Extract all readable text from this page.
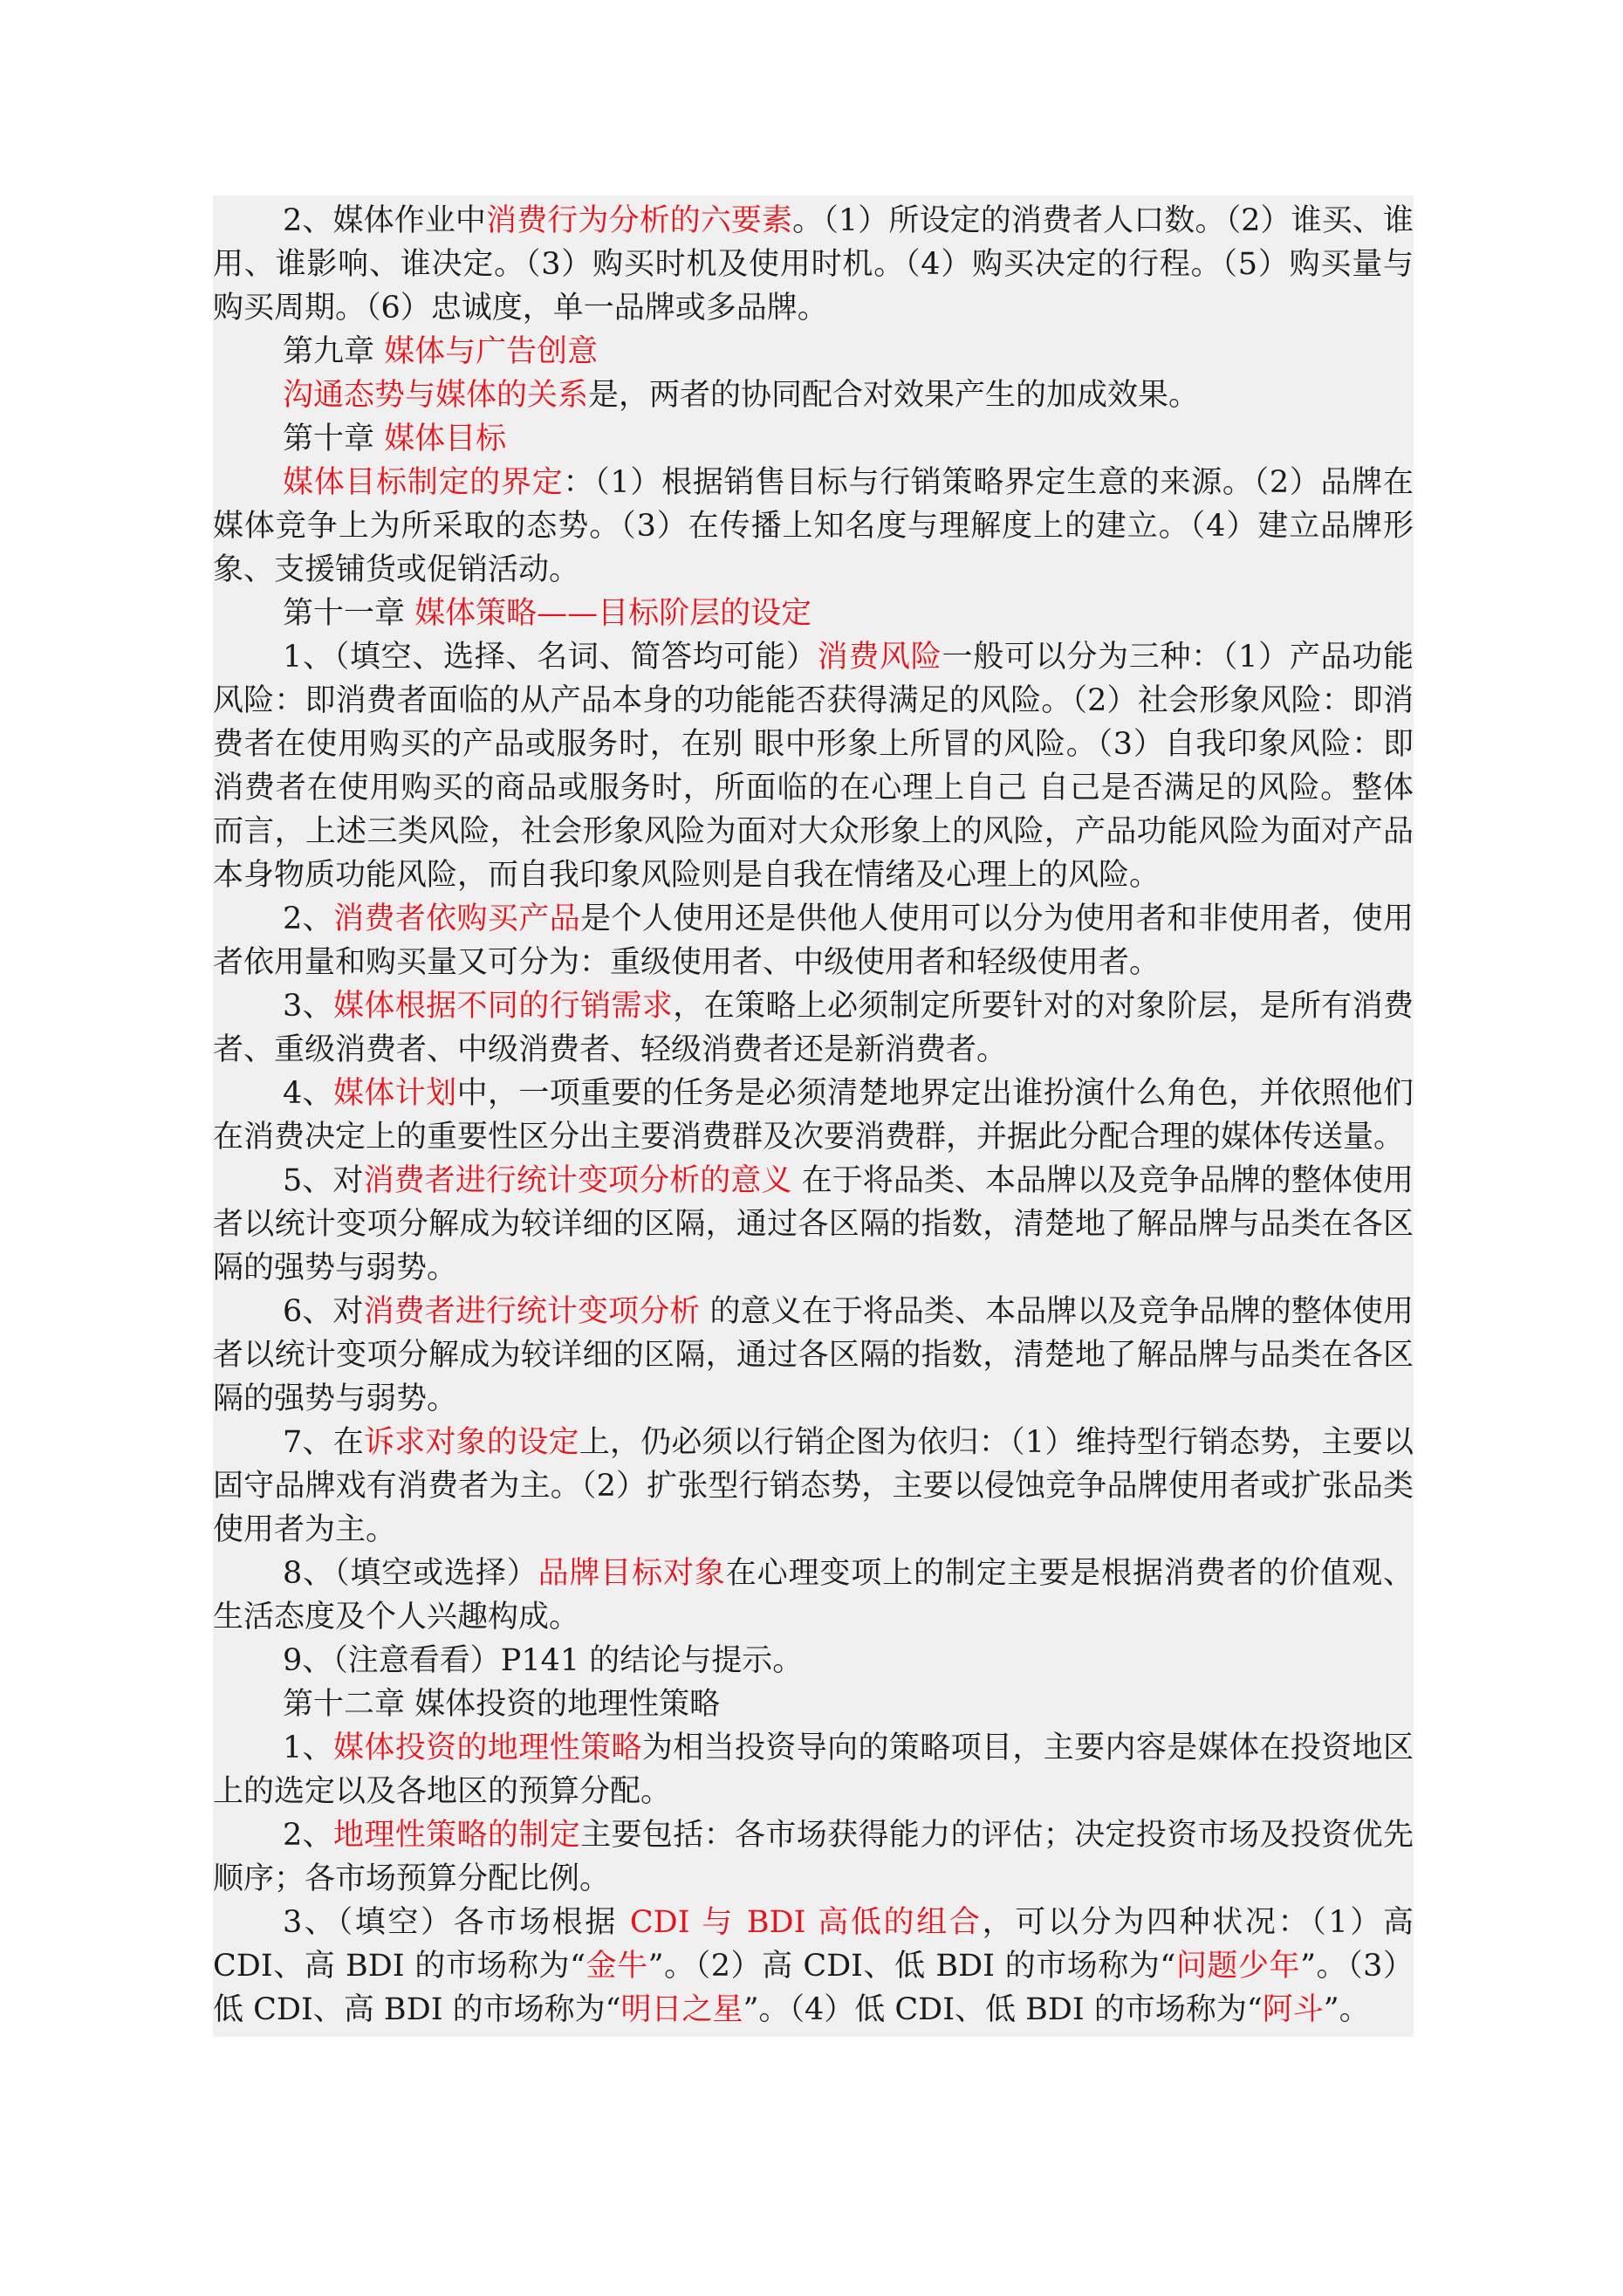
2、媒体作业中消费行为分析的六要素。（1）所设定的消费者人口数。（2）谁买、谁用、谁影响、谁决定。（3）购买时机及使用时机。（4）购买决定的行程。（5）购买量与购买周期。（6）忠诚度，单一品牌或多品牌。

第九章 媒体与广告创意

沟通态势与媒体的关系是，两者的协同配合对效果产生的加成效果。

第十章 媒体目标

媒体目标制定的界定：（1）根据销售目标与行销策略界定生意的来源。（2）品牌在媒体竞争上为所采取的态势。（3）在传播上知名度与理解度上的建立。（4）建立品牌形象、支援铺货或促销活动。

第十一章 媒体策略——目标阶层的设定

1、（填空、选择、名词、简答均可能）消费风险一般可以分为三种：（1）产品功能风险：即消费者面临的从产品本身的功能能否获得满足的风险。（2）社会形象风险：即消费者在使用购买的产品或服务时，在别 眼中形象上所冒的风险。（3）自我印象风险：即消费者在使用购买的商品或服务时，所面临的在心理上自己 自己是否满足的风险。整体而言，上述三类风险，社会形象风险为面对大众形象上的风险，产品功能风险为面对产品本身物质功能风险，而自我印象风险则是自我在情绪及心理上的风险。

2、消费者依购买产品是个人使用还是供他人使用可以分为使用者和非使用者，使用者依用量和购买量又可分为：重级使用者、中级使用者和轻级使用者。

3、媒体根据不同的行销需求，在策略上必须制定所要针对的对象阶层，是所有消费者、重级消费者、中级消费者、轻级消费者还是新消费者。

4、媒体计划中，一项重要的任务是必须清楚地界定出谁扮演什么角色，并依照他们在消费决定上的重要性区分出主要消费群及次要消费群，并据此分配合理的媒体传送量。

5、对消费者进行统计变项分析的意义 在于将品类、本品牌以及竞争品牌的整体使用者以统计变项分解成为较详细的区隔，通过各区隔的指数，清楚地了解品牌与品类在各区隔的强势与弱势。

6、对消费者进行统计变项分析 的意义在于将品类、本品牌以及竞争品牌的整体使用者以统计变项分解成为较详细的区隔，通过各区隔的指数，清楚地了解品牌与品类在各区隔的强势与弱势。

7、在诉求对象的设定上，仍必须以行销企图为依归：（1）维持型行销态势，主要以固守品牌戏有消费者为主。（2）扩张型行销态势，主要以侵蚀竞争品牌使用者或扩张品类使用者为主。

8、（填空或选择）品牌目标对象在心理变项上的制定主要是根据消费者的价值观、生活态度及个人兴趣构成。

9、（注意看看）P141 的结论与提示。

第十二章 媒体投资的地理性策略

1、媒体投资的地理性策略为相当投资导向的策略项目，主要内容是媒体在投资地区上的选定以及各地区的预算分配。

2、地理性策略的制定主要包括：各市场获得能力的评估；决定投资市场及投资优先顺序；各市场预算分配比例。

3、（填空）各市场根据 CDI 与 BDI 高低的组合，可以分为四种状况：（1）高 CDI、高 BDI 的市场称为“金牛”。（2）高 CDI、低 BDI 的市场称为“问题少年”。（3）低 CDI、高 BDI 的市场称为“明日之星”。（4）低 CDI、低 BDI 的市场称为“阿斗”。
